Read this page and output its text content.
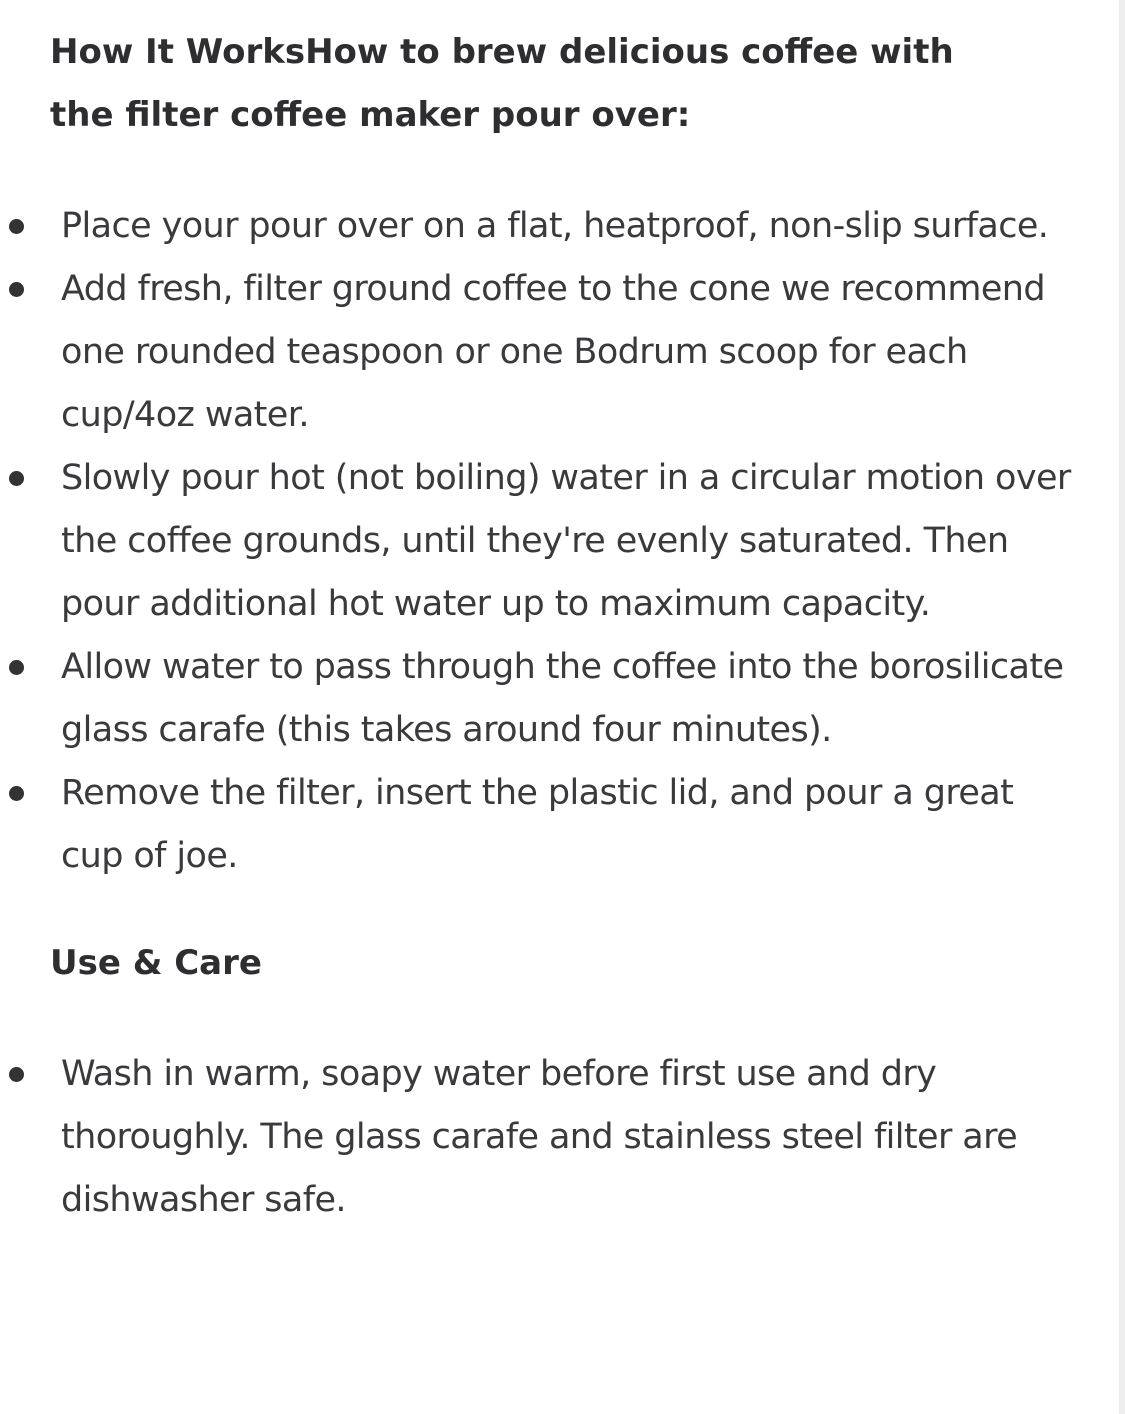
How It WorksHow to brew delicious coffee with the filter coffee maker pour over:
Place your pour over on a flat, heatproof, non-slip surface.
Add fresh, filter ground coffee to the cone we recommend one rounded teaspoon or one Bodrum scoop for each cup/4oz water.
Slowly pour hot (not boiling) water in a circular motion over the coffee grounds, until they're evenly saturated. Then pour additional hot water up to maximum capacity.
Allow water to pass through the coffee into the borosilicate glass carafe (this takes around four minutes).
Remove the filter, insert the plastic lid, and pour a great cup of joe.
Use & Care
Wash in warm, soapy water before first use and dry thoroughly. The glass carafe and stainless steel filter are dishwasher safe.
